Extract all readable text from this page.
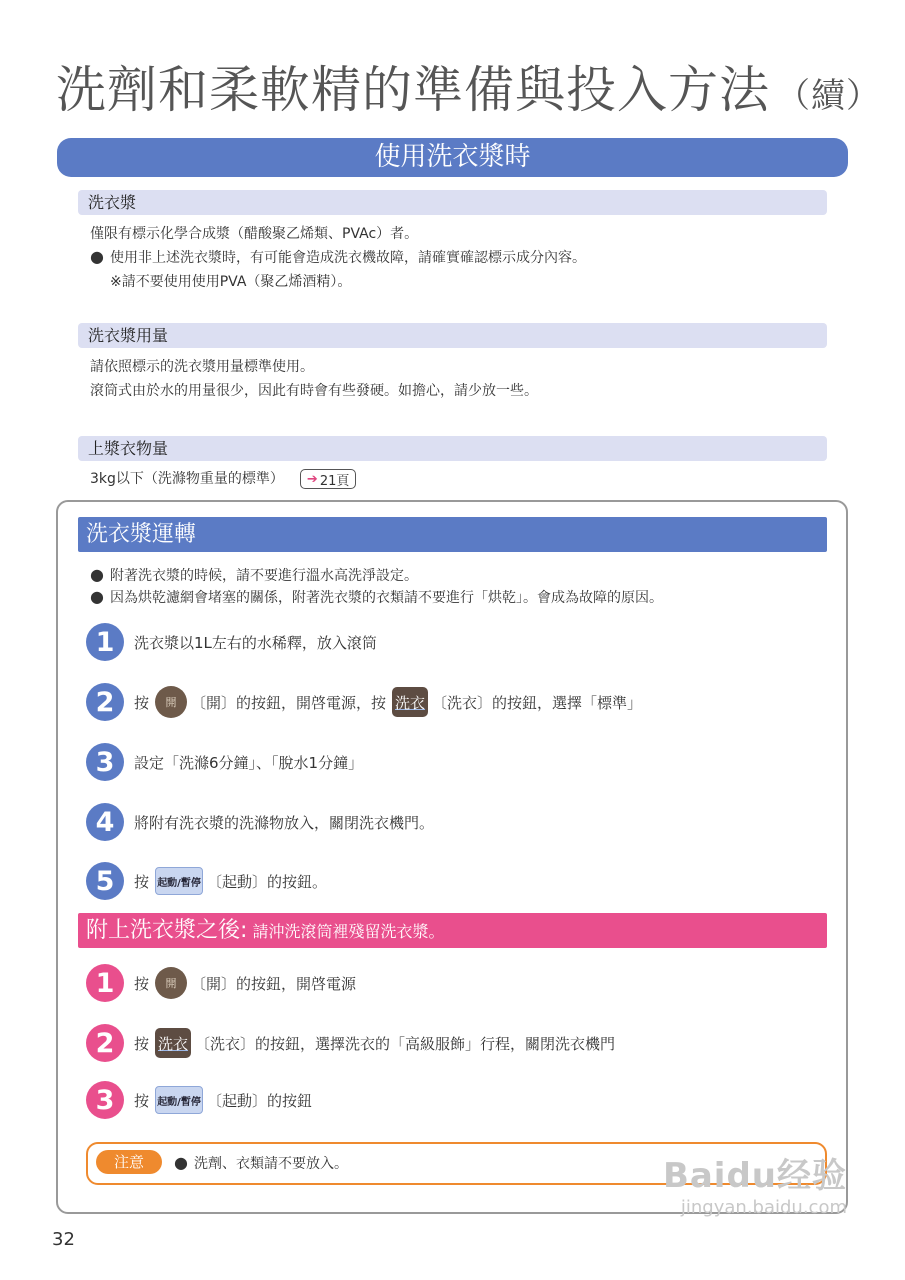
洗劑和柔軟精的準備與投入方法 （續）
使用洗衣漿時
洗衣漿
僅限有標示化學合成漿（醋酸聚乙烯類、PVAc）者。
● 使用非上述洗衣漿時，有可能會造成洗衣機故障，請確實確認標示成分內容。
※請不要使用使用PVA（聚乙烯酒精）。
洗衣漿用量
請依照標示的洗衣漿用量標準使用。
滾筒式由於水的用量很少，因此有時會有些發硬。如擔心，請少放一些。
上漿衣物量
3kg以下（洗滌物重量的標準） ➔ 21頁
洗衣漿運轉
● 附著洗衣漿的時候，請不要進行溫水高洗淨設定。
● 因為烘乾濾網會堵塞的關係，附著洗衣漿的衣類請不要進行「烘乾」。會成為故障的原因。
1	洗衣漿以1L左右的水稀釋，放入滾筒
2	按	開 〔開〕的按鈕，開啓電源，按 洗衣 〔洗衣〕的按鈕，選擇「標準」
3	設定「洗滌6分鐘」、「脫水1分鐘」
4	將附有洗衣漿的洗滌物放入，關閉洗衣機門。
5	按 起動/暫停 〔起動〕的按鈕。
附上洗衣漿之後: 請沖洗滾筒裡殘留洗衣漿。
1	按	開 〔開〕的按鈕，開啓電源
2	按 洗衣 〔洗衣〕的按鈕，選擇洗衣的「高級服飾」行程，關閉洗衣機門
3	按 起動/暫停 〔起動〕的按鈕
注意	● 洗劑、衣類請不要放入。
32
Baidu经验
jingyan.baidu.com
